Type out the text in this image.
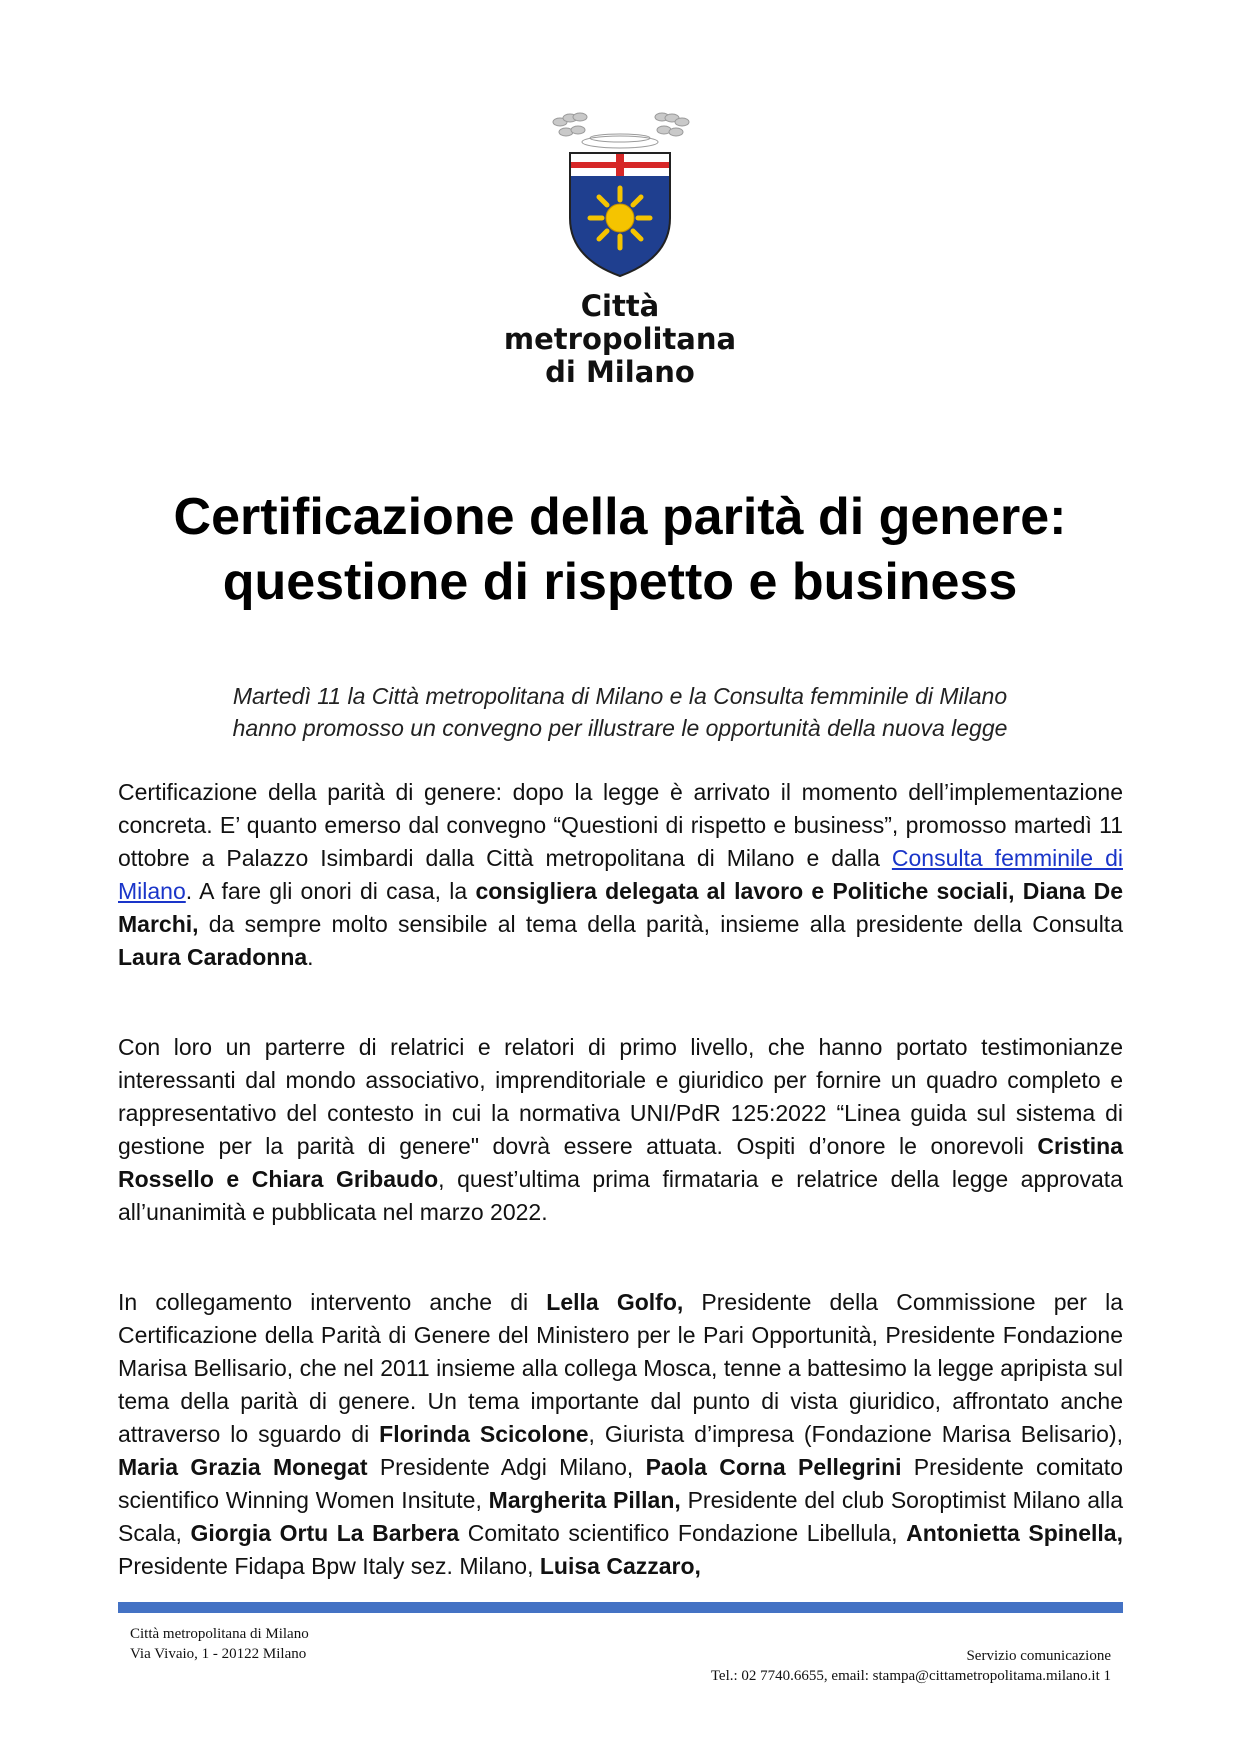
Città
metropolitana
di Milano
Certificazione della parità di genere:
questione di rispetto e business
Martedì 11 la Città metropolitana di Milano e la Consulta femminile di Milano
hanno promosso un convegno per illustrare le opportunità della nuova legge
Certificazione della parità di genere: dopo la legge è arrivato il momento dell’implementazione concreta. E’ quanto emerso dal convegno “Questioni di rispetto e business”, promosso martedì 11 ottobre a Palazzo Isimbardi dalla Città metropolitana di Milano e dalla Consulta femminile di Milano. A fare gli onori di casa, la consigliera delegata al lavoro e Politiche sociali, Diana De Marchi, da sempre molto sensibile al tema della parità, insieme alla presidente della Consulta Laura Caradonna.
Con loro un parterre di relatrici e relatori di primo livello, che hanno portato testimonianze interessanti dal mondo associativo, imprenditoriale e giuridico per fornire un quadro completo e rappresentativo del contesto in cui la normativa UNI/PdR 125:2022 “Linea guida sul sistema di gestione per la parità di genere" dovrà essere attuata. Ospiti d’onore le onorevoli Cristina Rossello e Chiara Gribaudo, quest’ultima prima firmataria e relatrice della legge approvata all’unanimità e pubblicata nel marzo 2022.
In collegamento intervento anche di Lella Golfo, Presidente della Commissione per la Certificazione della Parità di Genere del Ministero per le Pari Opportunità, Presidente Fondazione Marisa Bellisario, che nel 2011 insieme alla collega Mosca, tenne a battesimo la legge apripista sul tema della parità di genere. Un tema importante dal punto di vista giuridico, affrontato anche attraverso lo sguardo di Florinda Scicolone, Giurista d’impresa (Fondazione Marisa Belisario), Maria Grazia Monegat Presidente Adgi Milano, Paola Corna Pellegrini Presidente comitato scientifico Winning Women Insitute, Margherita Pillan, Presidente del club Soroptimist Milano alla Scala, Giorgia Ortu La Barbera Comitato scientifico Fondazione Libellula, Antonietta Spinella, Presidente Fidapa Bpw Italy sez. Milano, Luisa Cazzaro,
Città metropolitana di Milano
Via Vivaio, 1 - 20122 Milano	Servizio comunicazione
Tel.: 02 7740.6655, email: stampa@cittametropolitama.milano.it 1
